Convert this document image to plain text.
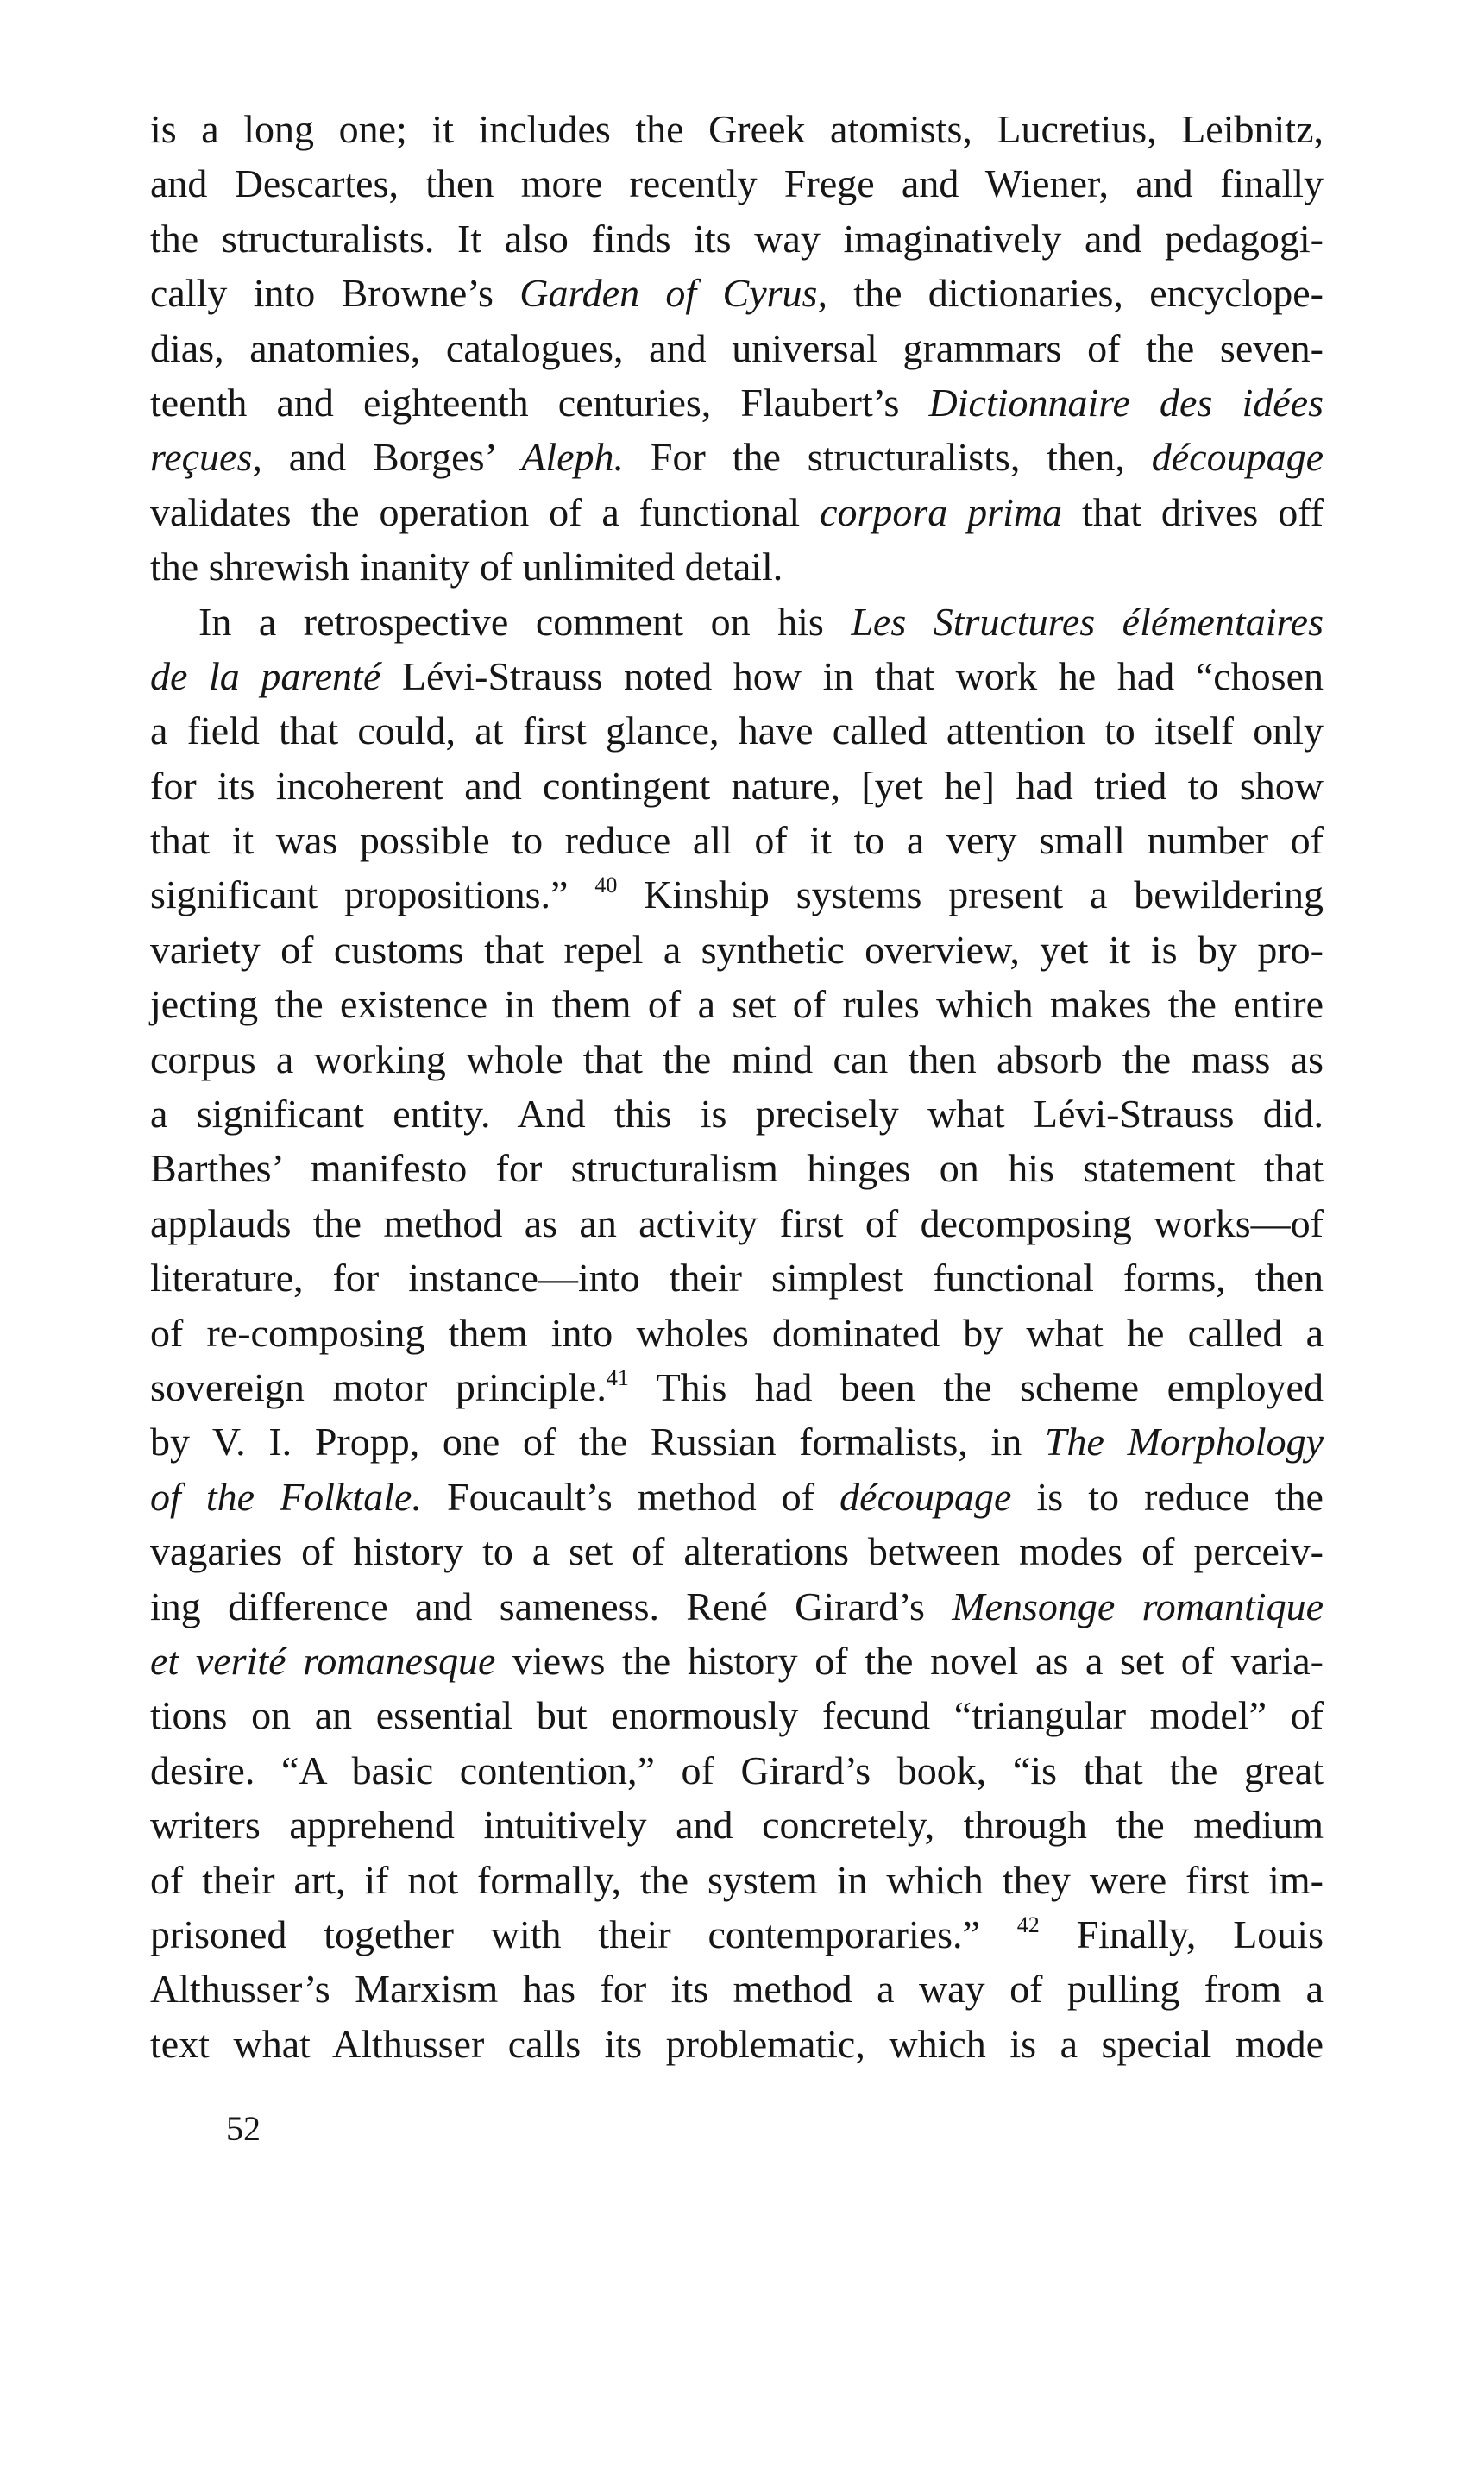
is a long one; it includes the Greek atomists, Lucretius, Leibnitz,
and Descartes, then more recently Frege and Wiener, and finally
the structuralists. It also finds its way imaginatively and pedagogi-
cally into Browne’s Garden of Cyrus, the dictionaries, encyclope-
dias, anatomies, catalogues, and universal grammars of the seven-
teenth and eighteenth centuries, Flaubert’s Dictionnaire des idées
reçues, and Borges’ Aleph. For the structuralists, then, découpage
validates the operation of a functional corpora prima that drives off
the shrewish inanity of unlimited detail.
In a retrospective comment on his Les Structures élémentaires
de la parenté Lévi-Strauss noted how in that work he had “chosen
a field that could, at first glance, have called attention to itself only
for its incoherent and contingent nature, [yet he] had tried to show
that it was possible to reduce all of it to a very small number of
significant propositions.” $^{40}$ Kinship systems present a bewildering
variety of customs that repel a synthetic overview, yet it is by pro-
jecting the existence in them of a set of rules which makes the entire
corpus a working whole that the mind can then absorb the mass as
a significant entity. And this is precisely what Lévi-Strauss did.
Barthes’ manifesto for structuralism hinges on his statement that
applauds the method as an activity first of decomposing works—of
literature, for instance—into their simplest functional forms, then
of re-composing them into wholes dominated by what he called a
sovereign motor principle.$^{41}$ This had been the scheme employed
by V. I. Propp, one of the Russian formalists, in The Morphology
of the Folktale. Foucault’s method of découpage is to reduce the
vagaries of history to a set of alterations between modes of perceiv-
ing difference and sameness. René Girard’s Mensonge romantique
et verité romanesque views the history of the novel as a set of varia-
tions on an essential but enormously fecund “triangular model” of
desire. “A basic contention,” of Girard’s book, “is that the great
writers apprehend intuitively and concretely, through the medium
of their art, if not formally, the system in which they were first im-
prisoned together with their contemporaries.” $^{42}$ Finally, Louis
Althusser’s Marxism has for its method a way of pulling from a
text what Althusser calls its problematic, which is a special mode
52
